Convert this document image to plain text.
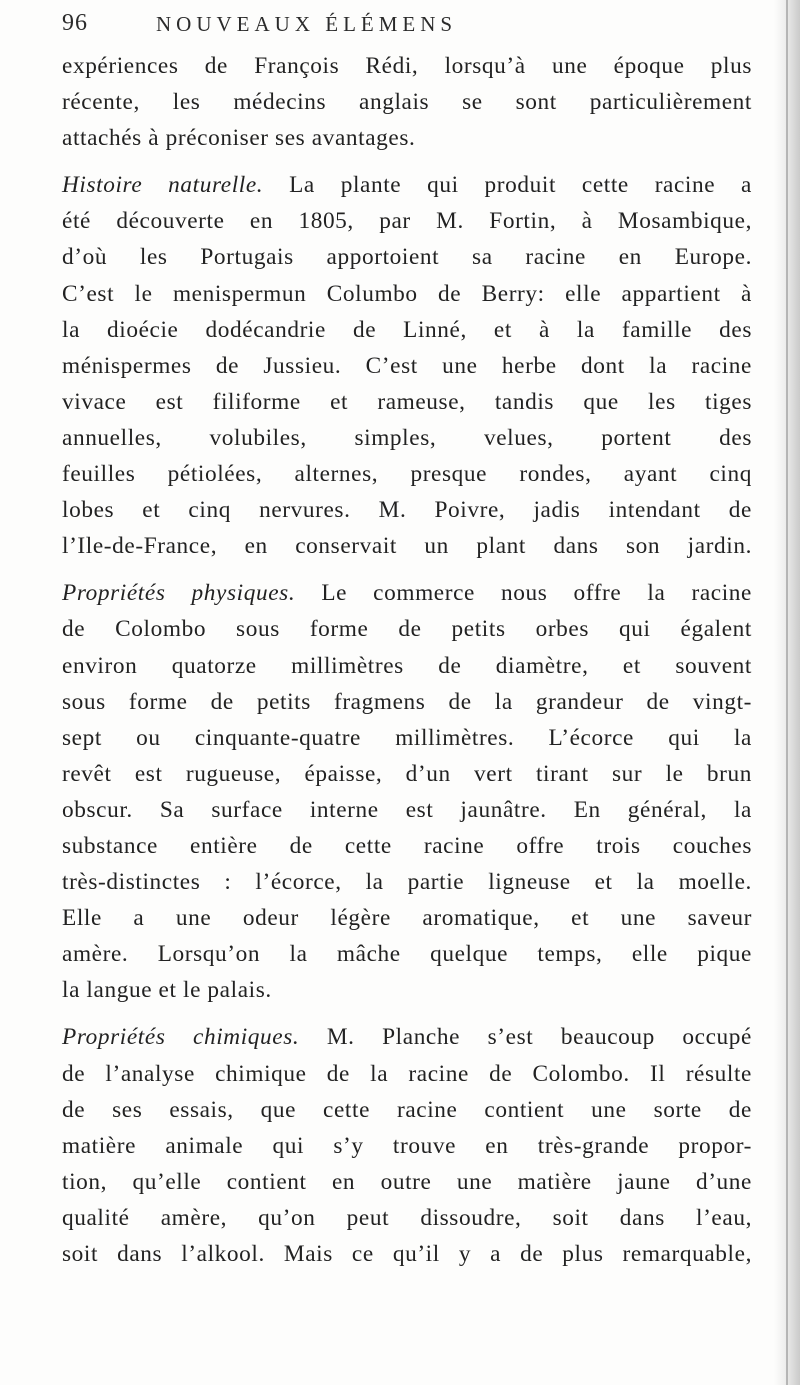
96	NOUVEAUX ÉLÉMENS

expériences de François Rédi, lorsqu’à une époque plus
récente, les médecins anglais se sont particulièrement
attachés à préconiser ses avantages.

Histoire naturelle. La plante qui produit cette racine a
été découverte en 1805, par M. Fortin, à Mosambique,
d’où les Portugais apportoient sa racine en Europe.
C’est le menispermun Columbo de Berry: elle appartient à
la dioécie dodécandrie de Linné, et à la famille des
ménispermes de Jussieu. C’est une herbe dont la racine
vivace est filiforme et rameuse, tandis que les tiges
annuelles, volubiles, simples, velues, portent des
feuilles pétiolées, alternes, presque rondes, ayant cinq
lobes et cinq nervures. M. Poivre, jadis intendant de
l’Ile-de-France, en conservait un plant dans son jardin.

Propriétés physiques. Le commerce nous offre la racine
de Colombo sous forme de petits orbes qui égalent
environ quatorze millimètres de diamètre, et souvent
sous forme de petits fragmens de la grandeur de vingt-
sept ou cinquante-quatre millimètres. L’écorce qui la
revêt est rugueuse, épaisse, d’un vert tirant sur le brun
obscur. Sa surface interne est jaunâtre. En général, la
substance entière de cette racine offre trois couches
très-distinctes : l’écorce, la partie ligneuse et la moelle.
Elle a une odeur légère aromatique, et une saveur
amère. Lorsqu’on la mâche quelque temps, elle pique
la langue et le palais.

Propriétés chimiques. M. Planche s’est beaucoup occupé
de l’analyse chimique de la racine de Colombo. Il résulte
de ses essais, que cette racine contient une sorte de
matière animale qui s’y trouve en très-grande propor-
tion, qu’elle contient en outre une matière jaune d’une
qualité amère, qu’on peut dissoudre, soit dans l’eau,
soit dans l’alkool. Mais ce qu’il y a de plus remarquable,
